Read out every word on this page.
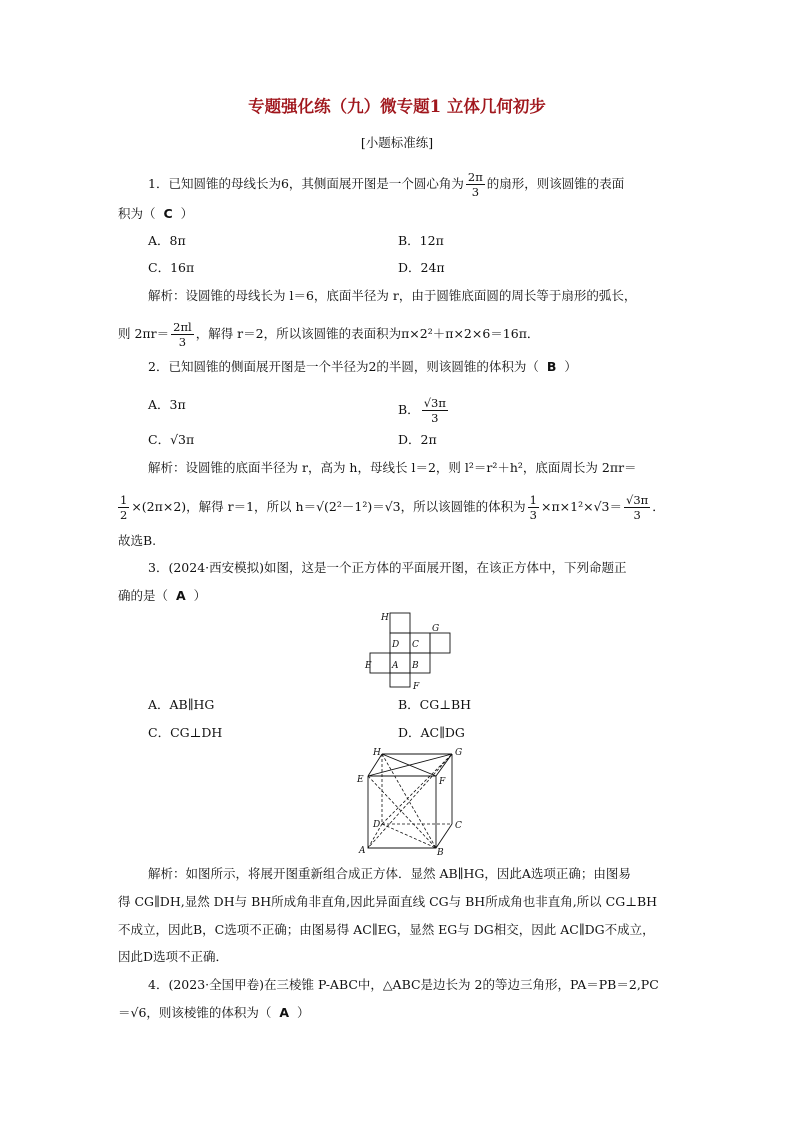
专题强化练（九）微专题1 立体几何初步
[小题标准练]
1．已知圆锥的母线长为6，其侧面展开图是一个圆心角为 $\frac{2\pi}{3}$ 的扇形，则该圆锥的表面
积为（ C ）
A．8π	B．12π
C．16π	D．24π
解析：设圆锥的母线长为 l＝6，底面半径为 r，由于圆锥底面圆的周长等于扇形的弧长，
则 $2\pi r= \frac{2\pi l}{3}$ ，解得 r＝2，所以该圆锥的表面积为π×2²＋π×2×6＝16π．
2．已知圆锥的侧面展开图是一个半径为2的半圆，则该圆锥的体积为（ B ）
A．3π	B． $\frac{√3\pi}{3}$
C．√3π	D．2π
解析：设圆锥的底面半径为 r，高为 h，母线长 l＝2，则 l²＝r²＋h²，底面周长为 2πr＝
$\frac{1}{2} \times(2\pi\times 2)$，解得 r＝1，所以 h＝√(2²－1²)＝√3，所以该圆锥的体积为 $\frac{1}{3} \times\pi\times 1^2\times√3= \frac{√3\pi}{3}$ ．
故选B.
3．(2024·西安模拟)如图，这是一个正方体的平面展开图，在该正方体中，下列命题正
确的是（ A ）
H
D C
G
E A B
F
A．AB∥HG	B．CG⊥BH
C．CG⊥DH	D．AC∥DG
H	G
E	F
D	C
A	B
解析：如图所示，将展开图重新组合成正方体．显然 AB∥HG，因此A选项正确；由图易
得 CG∥DH,显然 DH与 BH所成角非直角,因此异面直线 CG与 BH所成角也非直角,所以 CG⊥BH
不成立，因此B，C选项不正确；由图易得 AC∥EG，显然 EG与 DG相交，因此 AC∥DG不成立，
因此D选项不正确．
4．(2023·全国甲卷)在三棱锥 P-ABC中，△ABC是边长为 2的等边三角形，PA＝PB＝2,PC
＝√6，则该棱锥的体积为（ A ）
